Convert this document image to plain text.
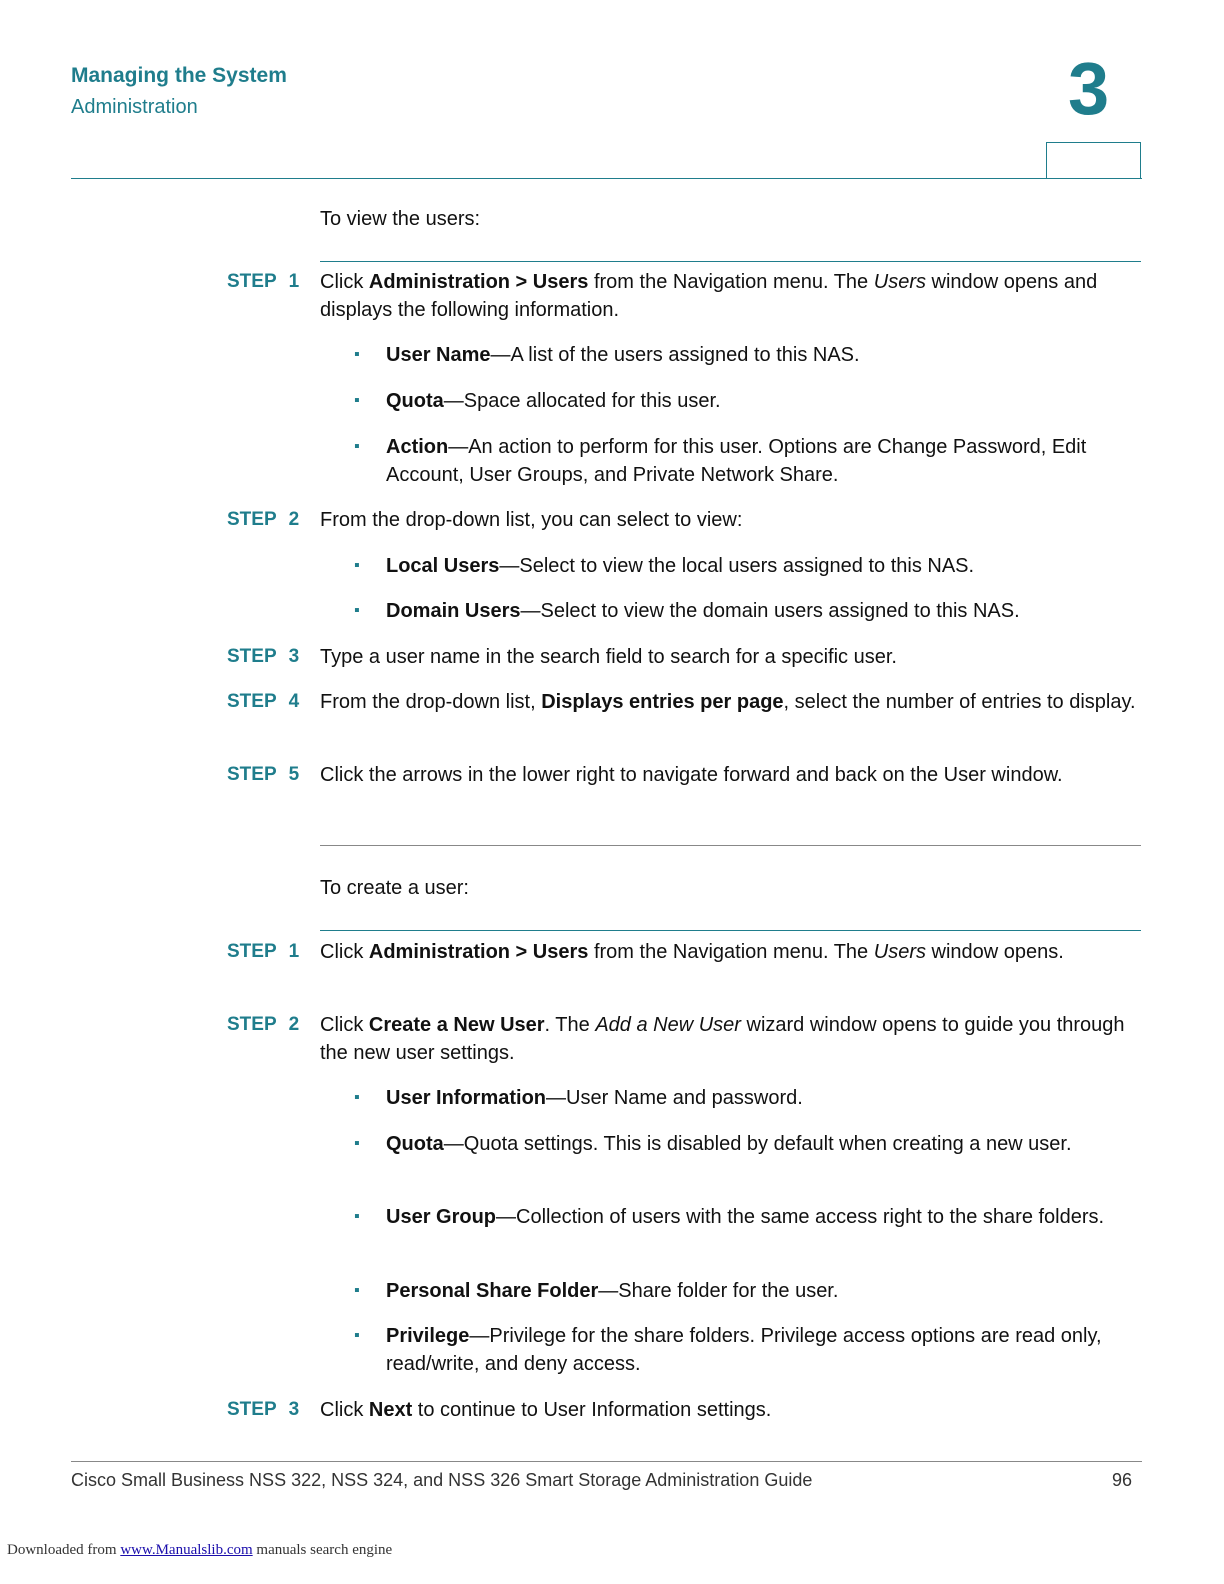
Managing the System
Administration	3
To view the users:
STEP 1 Click Administration > Users from the Navigation menu. The Users window opens and displays the following information.
▪ User Name—A list of the users assigned to this NAS.
▪ Quota—Space allocated for this user.
▪ Action—An action to perform for this user. Options are Change Password, Edit Account, User Groups, and Private Network Share.
STEP 2 From the drop-down list, you can select to view:
▪ Local Users—Select to view the local users assigned to this NAS.
▪ Domain Users—Select to view the domain users assigned to this NAS.
STEP 3 Type a user name in the search field to search for a specific user.
STEP 4 From the drop-down list, Displays entries per page, select the number of entries to display.
STEP 5 Click the arrows in the lower right to navigate forward and back on the User window.
To create a user:
STEP 1 Click Administration > Users from the Navigation menu. The Users window opens.
STEP 2 Click Create a New User. The Add a New User wizard window opens to guide you through the new user settings.
▪ User Information—User Name and password.
▪ Quota—Quota settings. This is disabled by default when creating a new user.
▪ User Group—Collection of users with the same access right to the share folders.
▪ Personal Share Folder—Share folder for the user.
▪ Privilege—Privilege for the share folders. Privilege access options are read only, read/write, and deny access.
STEP 3 Click Next to continue to User Information settings.
Cisco Small Business NSS 322, NSS 324, and NSS 326 Smart Storage Administration Guide	96
Downloaded from www.Manualslib.com manuals search engine
